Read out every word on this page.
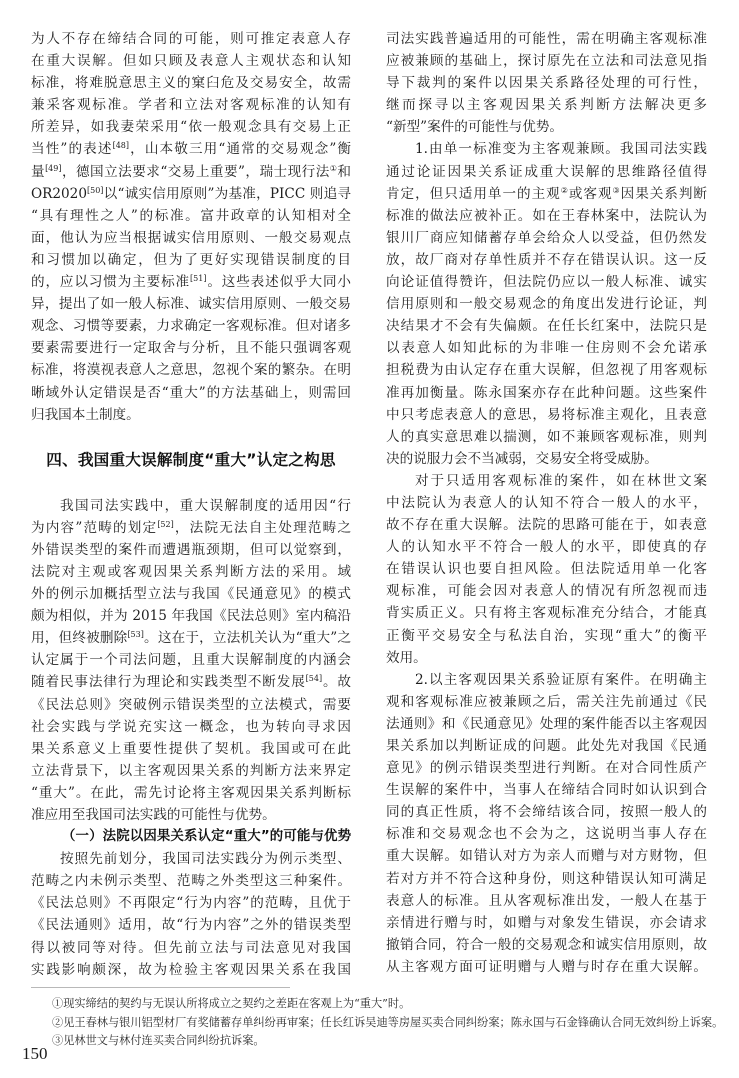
为人不存在缔结合同的可能，则可推定表意人存
在重大误解。但如只顾及表意人主观状态和认知
标准，将难脱意思主义的窠臼危及交易安全，故需
兼采客观标准。学者和立法对客观标准的认知有
所差异，如我妻荣采用“依一般观念具有交易上正
当性”的表述[48]，山本敬三用“通常的交易观念”衡
量[49]，德国立法要求“交易上重要”，瑞士现行法①和
OR2020[50]以“诚实信用原则”为基准，PICC 则追寻
“具有理性之人”的标准。富井政章的认知相对全
面，他认为应当根据诚实信用原则、一般交易观点
和习惯加以确定，但为了更好实现错误制度的目
的，应以习惯为主要标准[51]。这些表述似乎大同小
异，提出了如一般人标准、诚实信用原则、一般交易
观念、习惯等要素，力求确定一客观标准。但对诸多
要素需要进行一定取舍与分析，且不能只强调客观
标准，将漠视表意人之意思，忽视个案的繁杂。在明
晰域外认定错误是否“重大”的方法基础上，则需回
归我国本土制度。
四、我国重大误解制度“重大”认定之构思
我国司法实践中，重大误解制度的适用因“行
为内容”范畴的划定[52]，法院无法自主处理范畴之
外错误类型的案件而遭遇瓶颈期，但可以觉察到，
法院对主观或客观因果关系判断方法的采用。域
外的例示加概括型立法与我国《民通意见》的模式
颇为相似，并为 2015 年我国《民法总则》室内稿沿
用，但终被删除[53]。这在于，立法机关认为“重大”之
认定属于一个司法问题，且重大误解制度的内涵会
随着民事法律行为理论和实践类型不断发展[54]。故
《民法总则》突破例示错误类型的立法模式，需要
社会实践与学说充实这一概念，也为转向寻求因
果关系意义上重要性提供了契机。我国或可在此
立法背景下，以主客观因果关系的判断方法来界定
“重大”。在此，需先讨论将主客观因果关系判断标
准应用至我国司法实践的可能性与优势。
（一）法院以因果关系认定“重大”的可能与优势
按照先前划分，我国司法实践分为例示类型、
范畴之内未例示类型、范畴之外类型这三种案件。
《民法总则》不再限定“行为内容”的范畴，且优于
《民法通则》适用，故“行为内容”之外的错误类型
得以被同等对待。但先前立法与司法意见对我国
实践影响颇深，故为检验主客观因果关系在我国
司法实践普遍适用的可能性，需在明确主客观标准
应被兼顾的基础上，探讨原先在立法和司法意见指
导下裁判的案件以因果关系路径处理的可行性，
继而探寻以主客观因果关系判断方法解决更多
“新型”案件的可能性与优势。
1.由单一标准变为主客观兼顾。我国司法实践
通过论证因果关系证成重大误解的思维路径值得
肯定，但只适用单一的主观②或客观③因果关系判断
标准的做法应被补正。如在王春林案中，法院认为
银川厂商应知储蓄存单会给众人以受益，但仍然发
放，故厂商对存单性质并不存在错误认识。这一反
向论证值得赞许，但法院仍应以一般人标准、诚实
信用原则和一般交易观念的角度出发进行论证，判
决结果才不会有失偏颇。在任长红案中，法院只是
以表意人如知此标的为非唯一住房则不会允诺承
担税费为由认定存在重大误解，但忽视了用客观标
准再加衡量。陈永国案亦存在此种问题。这些案件
中只考虑表意人的意思，易将标准主观化，且表意
人的真实意思难以揣测，如不兼顾客观标准，则判
决的说服力会不当减弱，交易安全将受威胁。
对于只适用客观标准的案件，如在林世文案
中法院认为表意人的认知不符合一般人的水平，
故不存在重大误解。法院的思路可能在于，如表意
人的认知水平不符合一般人的水平，即使真的存
在错误认识也要自担风险。但法院适用单一化客
观标准，可能会因对表意人的情况有所忽视而违
背实质正义。只有将主客观标准充分结合，才能真
正衡平交易安全与私法自治，实现“重大”的衡平
效用。
2.以主客观因果关系验证原有案件。在明确主
观和客观标准应被兼顾之后，需关注先前通过《民
法通则》和《民通意见》处理的案件能否以主客观因
果关系加以判断证成的问题。此处先对我国《民通
意见》的例示错误类型进行判断。在对合同性质产
生误解的案件中，当事人在缔结合同时如认识到合
同的真正性质，将不会缔结该合同，按照一般人的
标准和交易观念也不会为之，这说明当事人存在
重大误解。如错认对方为亲人而赠与对方财物，但
若对方并不符合这种身份，则这种错误认知可满足
表意人的标准。且从客观标准出发，一般人在基于
亲情进行赠与时，如赠与对象发生错误，亦会请求
撤销合同，符合一般的交易观念和诚实信用原则，故
从主客观方面可证明赠与人赠与时存在重大误解。
①现实缔结的契约与无误认所将成立之契约之差距在客观上为“重大”时。
②见王春林与银川铝型材厂有奖储蓄存单纠纷再审案；任长红诉吴迪等房屋买卖合同纠纷案；陈永国与石金锋确认合同无效纠纷上诉案。
③见林世文与林付连买卖合同纠纷抗诉案。
150
